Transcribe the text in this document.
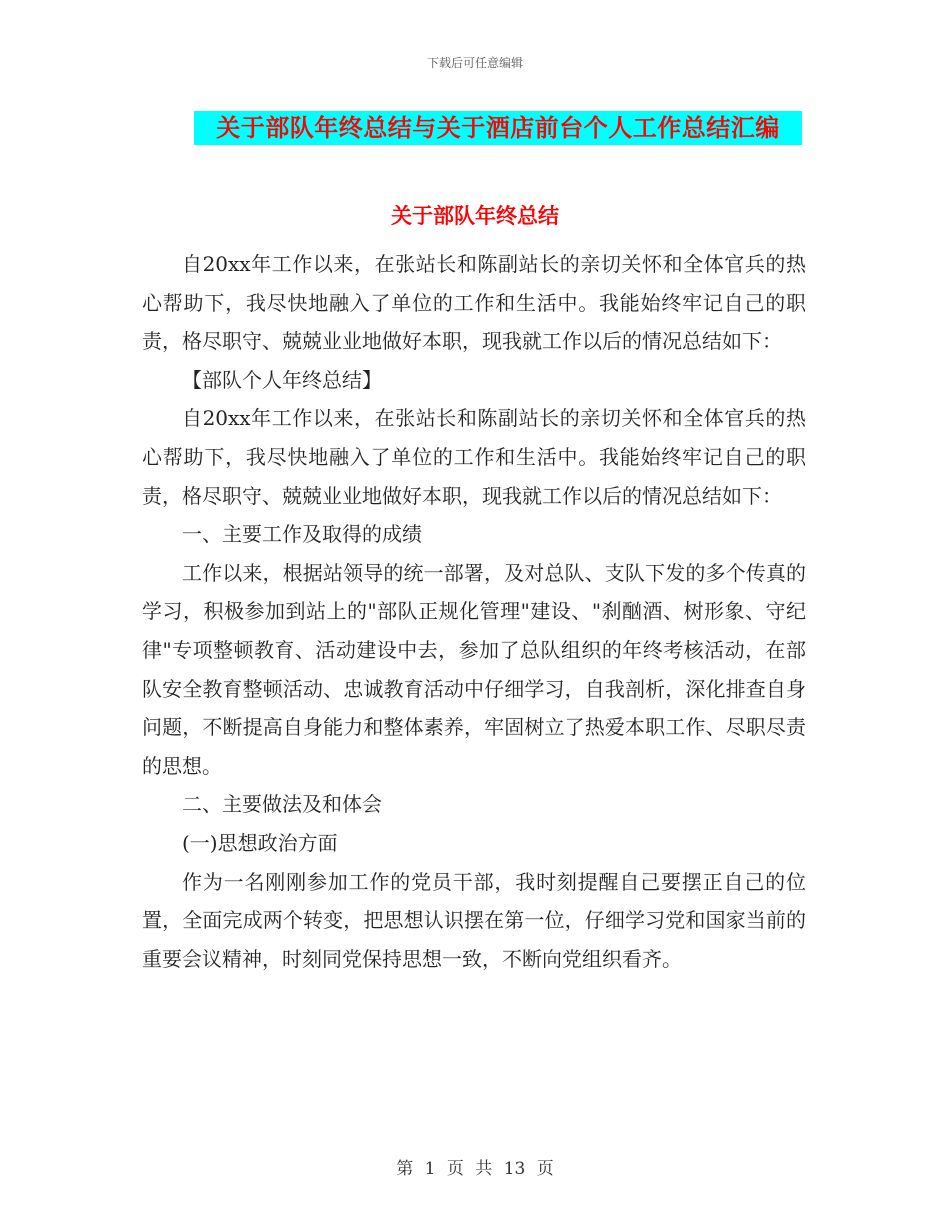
下载后可任意编辑
关于部队年终总结与关于酒店前台个人工作总结汇编
关于部队年终总结

自20xx年工作以来，在张站长和陈副站长的亲切关怀和全体官兵的热心帮助下，我尽快地融入了单位的工作和生活中。我能始终牢记自己的职责，格尽职守、兢兢业业地做好本职，现我就工作以后的情况总结如下：

【部队个人年终总结】

自20xx年工作以来，在张站长和陈副站长的亲切关怀和全体官兵的热心帮助下，我尽快地融入了单位的工作和生活中。我能始终牢记自己的职责，格尽职守、兢兢业业地做好本职，现我就工作以后的情况总结如下：

一、主要工作及取得的成绩

工作以来，根据站领导的统一部署，及对总队、支队下发的多个传真的学习，积极参加到站上的"部队正规化管理"建设、"刹酗酒、树形象、守纪律"专项整顿教育、活动建设中去，参加了总队组织的年终考核活动，在部队安全教育整顿活动、忠诚教育活动中仔细学习，自我剖析，深化排查自身问题，不断提高自身能力和整体素养，牢固树立了热爱本职工作、尽职尽责的思想。

二、主要做法及和体会

(一)思想政治方面

作为一名刚刚参加工作的党员干部，我时刻提醒自己要摆正自己的位置，全面完成两个转变，把思想认识摆在第一位，仔细学习党和国家当前的重要会议精神，时刻同党保持思想一致，不断向党组织看齐。

第 1 页 共 13 页
